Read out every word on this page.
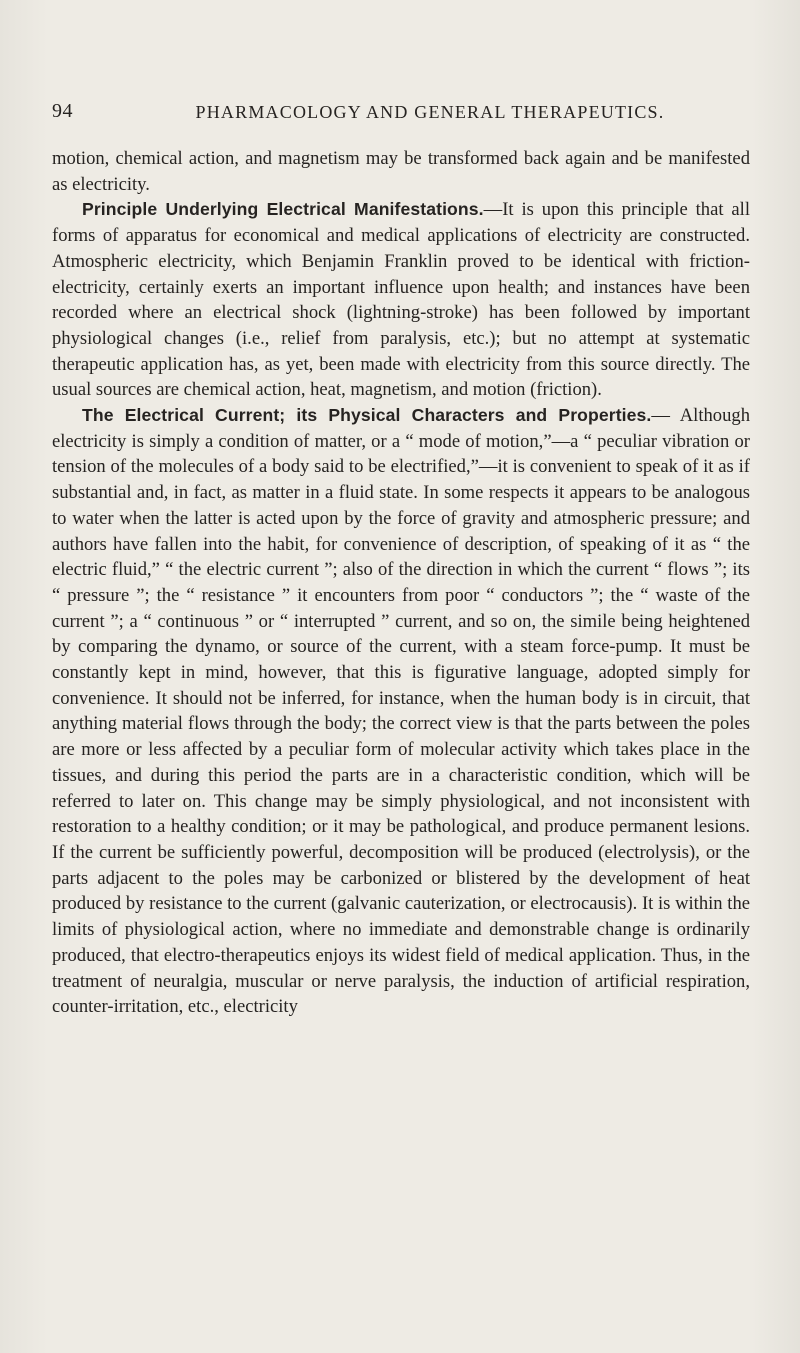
94	PHARMACOLOGY AND GENERAL THERAPEUTICS.

motion, chemical action, and magnetism may be transformed back again and be manifested as electricity.

Principle Underlying Electrical Manifestations.—It is upon this principle that all forms of apparatus for economical and medical applications of electricity are constructed. Atmospheric electricity, which Benjamin Franklin proved to be identical with friction-electricity, certainly exerts an important influence upon health; and instances have been recorded where an electrical shock (lightning-stroke) has been followed by important physiological changes (i.e., relief from paralysis, etc.); but no attempt at systematic therapeutic application has, as yet, been made with electricity from this source directly. The usual sources are chemical action, heat, magnetism, and motion (friction).

The Electrical Current; its Physical Characters and Properties.— Although electricity is simply a condition of matter, or a “ mode of motion,”—a “ peculiar vibration or tension of the molecules of a body said to be electrified,”—it is convenient to speak of it as if substantial and, in fact, as matter in a fluid state. In some respects it appears to be analogous to water when the latter is acted upon by the force of gravity and atmospheric pressure; and authors have fallen into the habit, for convenience of description, of speaking of it as “ the electric fluid,” “ the electric current ”; also of the direction in which the current “ flows ”; its “ pressure ”; the “ resistance ” it encounters from poor “ conductors ”; the “ waste of the current ”; a “ continuous ” or “ interrupted ” current, and so on, the simile being heightened by comparing the dynamo, or source of the current, with a steam force-pump. It must be constantly kept in mind, however, that this is figurative language, adopted simply for convenience. It should not be inferred, for instance, when the human body is in circuit, that anything material flows through the body; the correct view is that the parts between the poles are more or less affected by a peculiar form of molecular activity which takes place in the tissues, and during this period the parts are in a characteristic condition, which will be referred to later on. This change may be simply physiological, and not inconsistent with restoration to a healthy condition; or it may be pathological, and produce permanent lesions. If the current be sufficiently powerful, decomposition will be produced (electrolysis), or the parts adjacent to the poles may be carbonized or blistered by the development of heat produced by resistance to the current (galvanic cauterization, or electrocausis). It is within the limits of physiological action, where no immediate and demonstrable change is ordinarily produced, that electro-therapeutics enjoys its widest field of medical application. Thus, in the treatment of neuralgia, muscular or nerve paralysis, the induction of artificial respiration, counter-irritation, etc., electricity
